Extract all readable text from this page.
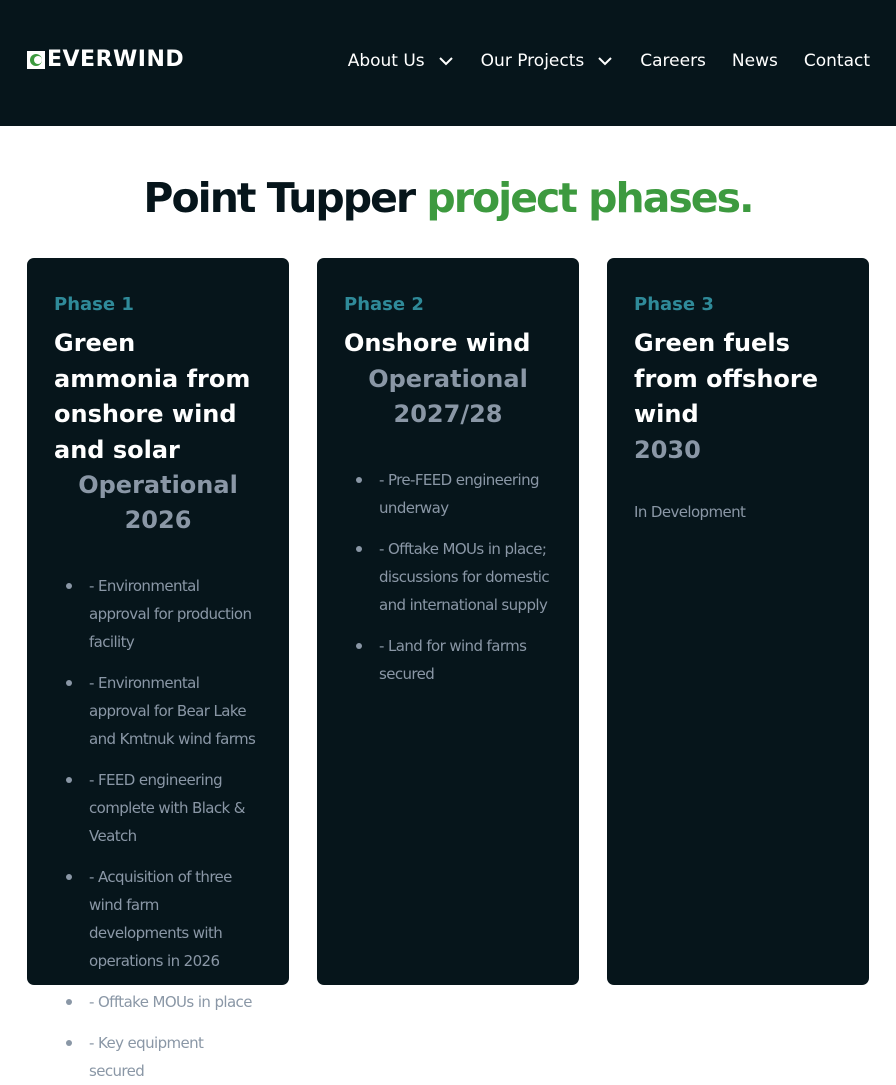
EVERWIND	About Us	Our Projects	Careers News Contact
Point Tupper project phases.
Phase 1
Green ammonia from onshore wind and solar
Operational 2026
- Environmental approval for production facility
- Environmental approval for Bear Lake and Kmtnuk wind farms
- FEED engineering complete with Black & Veatch
- Acquisition of three wind farm developments with operations in 2026
- Offtake MOUs in place
- Key equipment secured
Phase 2
Onshore wind
Operational 2027/28
- Pre-FEED engineering underway
- Offtake MOUs in place; discussions for domestic and international supply
- Land for wind farms secured
Phase 3
Green fuels from offshore wind
2030
In Development
